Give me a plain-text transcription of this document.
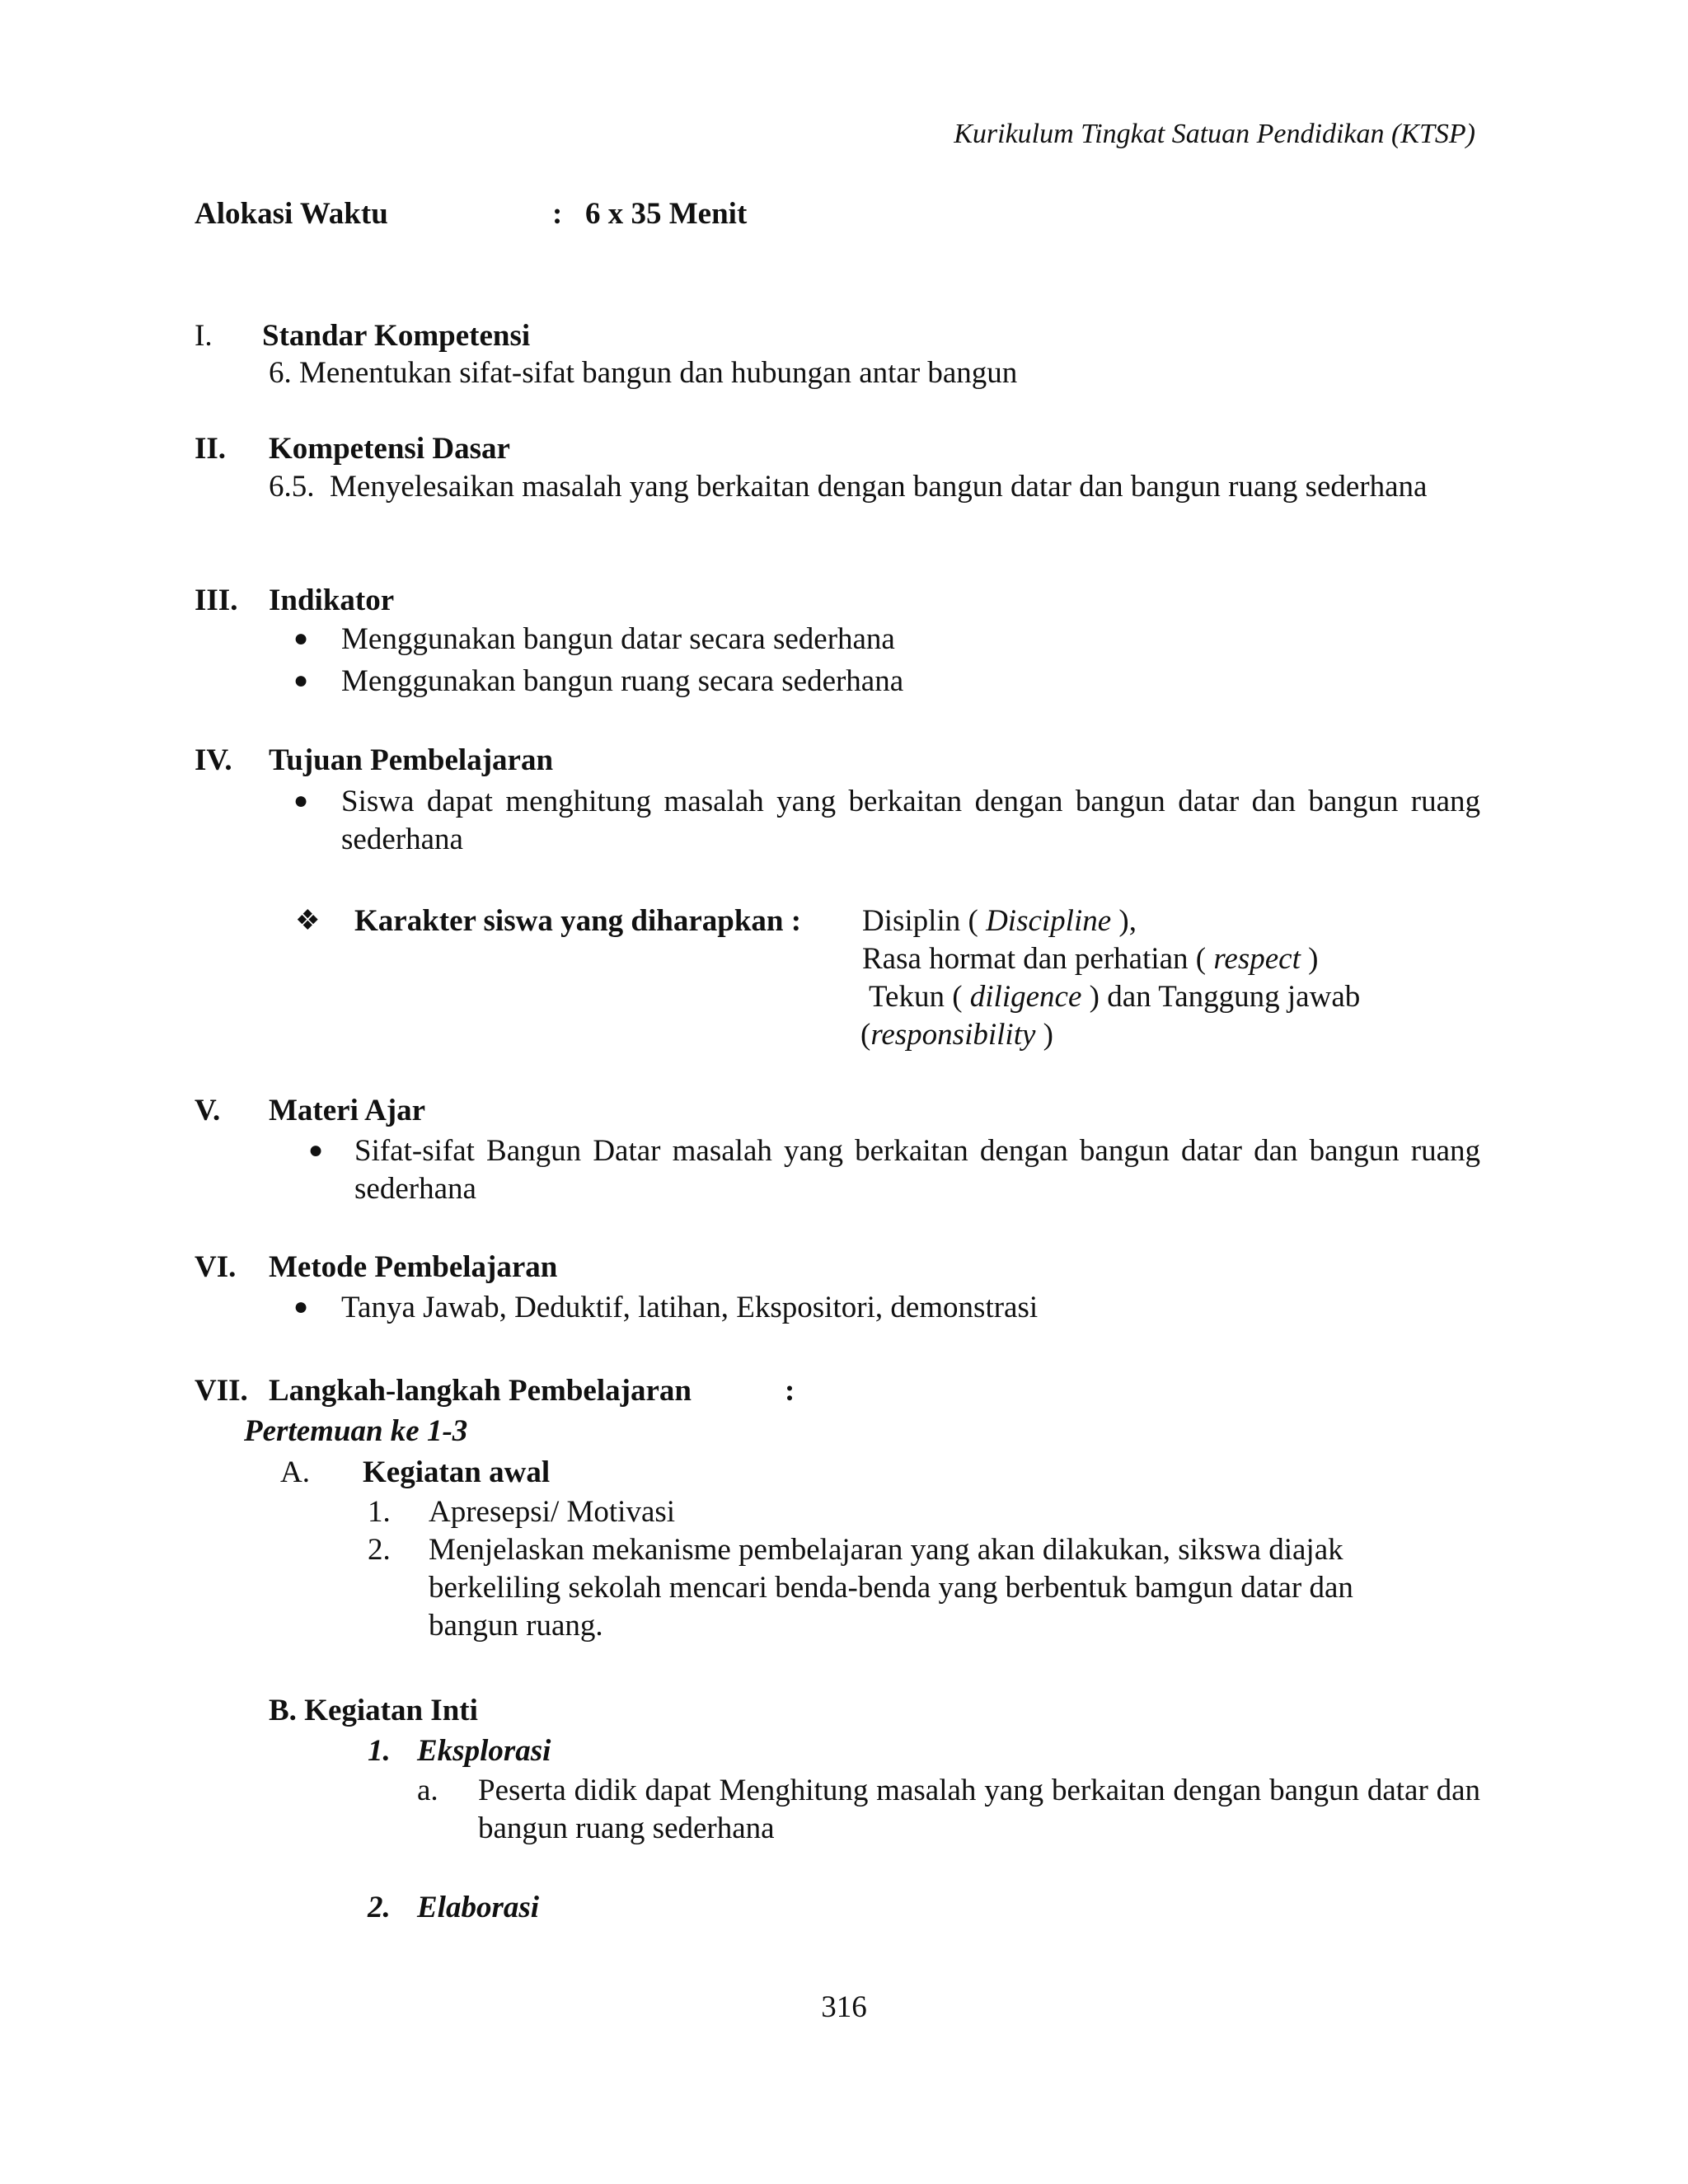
Kurikulum Tingkat Satuan Pendidikan (KTSP)
Alokasi Waktu	: 6 x 35 Menit
I. Standar Kompetensi
6. Menentukan sifat-sifat bangun dan hubungan antar bangun
II. Kompetensi Dasar
6.5. Menyelesaikan masalah yang berkaitan dengan bangun datar dan bangun ruang sederhana
III. Indikator
● Menggunakan bangun datar secara sederhana
● Menggunakan bangun ruang secara sederhana
IV. Tujuan Pembelajaran
● Siswa dapat menghitung masalah yang berkaitan dengan bangun datar dan bangun ruang sederhana
❖ Karakter siswa yang diharapkan : Disiplin ( Discipline ),
Rasa hormat dan perhatian ( respect )
Tekun ( diligence ) dan Tanggung jawab
(responsibility )
V. Materi Ajar
● Sifat-sifat Bangun Datar masalah yang berkaitan dengan bangun datar dan bangun ruang sederhana
VI. Metode Pembelajaran
● Tanya Jawab, Deduktif, latihan, Ekspositori, demonstrasi
VII. Langkah-langkah Pembelajaran	:
Pertemuan ke 1-3
A. Kegiatan awal
1. Apresepsi/ Motivasi
2. Menjelaskan mekanisme pembelajaran yang akan dilakukan, sikswa diajak berkeliling sekolah mencari benda-benda yang berbentuk bamgun datar dan bangun ruang.
B. Kegiatan Inti
1. Eksplorasi
a. Peserta didik dapat Menghitung masalah yang berkaitan dengan bangun datar dan bangun ruang sederhana
2. Elaborasi
316
